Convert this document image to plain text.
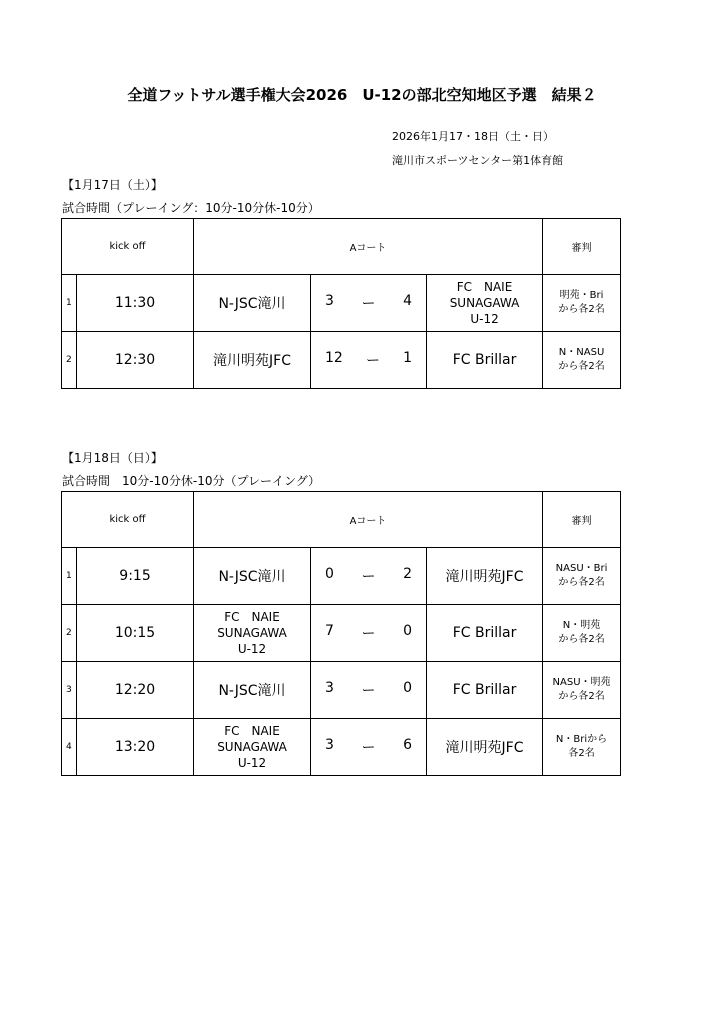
全道フットサル選手権大会2026　U-12の部北空知地区予選　結果２
2026年1月17・18日（土・日）
滝川市スポーツセンター第1体育館
【1月17日（土）】
試合時間（プレーイング：10分-10分休-10分）
kick off		Aコート			審判
1	11:30	N-JSC滝川	3 ー 4	FC　NAIE
SUNAGAWA
U-12	明苑・Bri
から各2名

2	12:30	滝川明苑JFC	12 ー 1	FC Brillar	N・NASU
から各2名
【1月18日（日）】
試合時間　10分-10分休-10分（プレーイング）
kick off		Aコート			審判
1	9:15	N-JSC滝川	0 ー 2	滝川明苑JFC	NASU・Bri
から各2名

2	10:15	FC　NAIE
SUNAGAWA
U-12	7 ー 0	FC Brillar	N・明苑
から各2名

3	12:20	N-JSC滝川	3 ー 0	FC Brillar	NASU・明苑
から各2名

4	13:20	FC　NAIE
SUNAGAWA
U-12	3 ー 6	滝川明苑JFC	N・Briから
各2名
